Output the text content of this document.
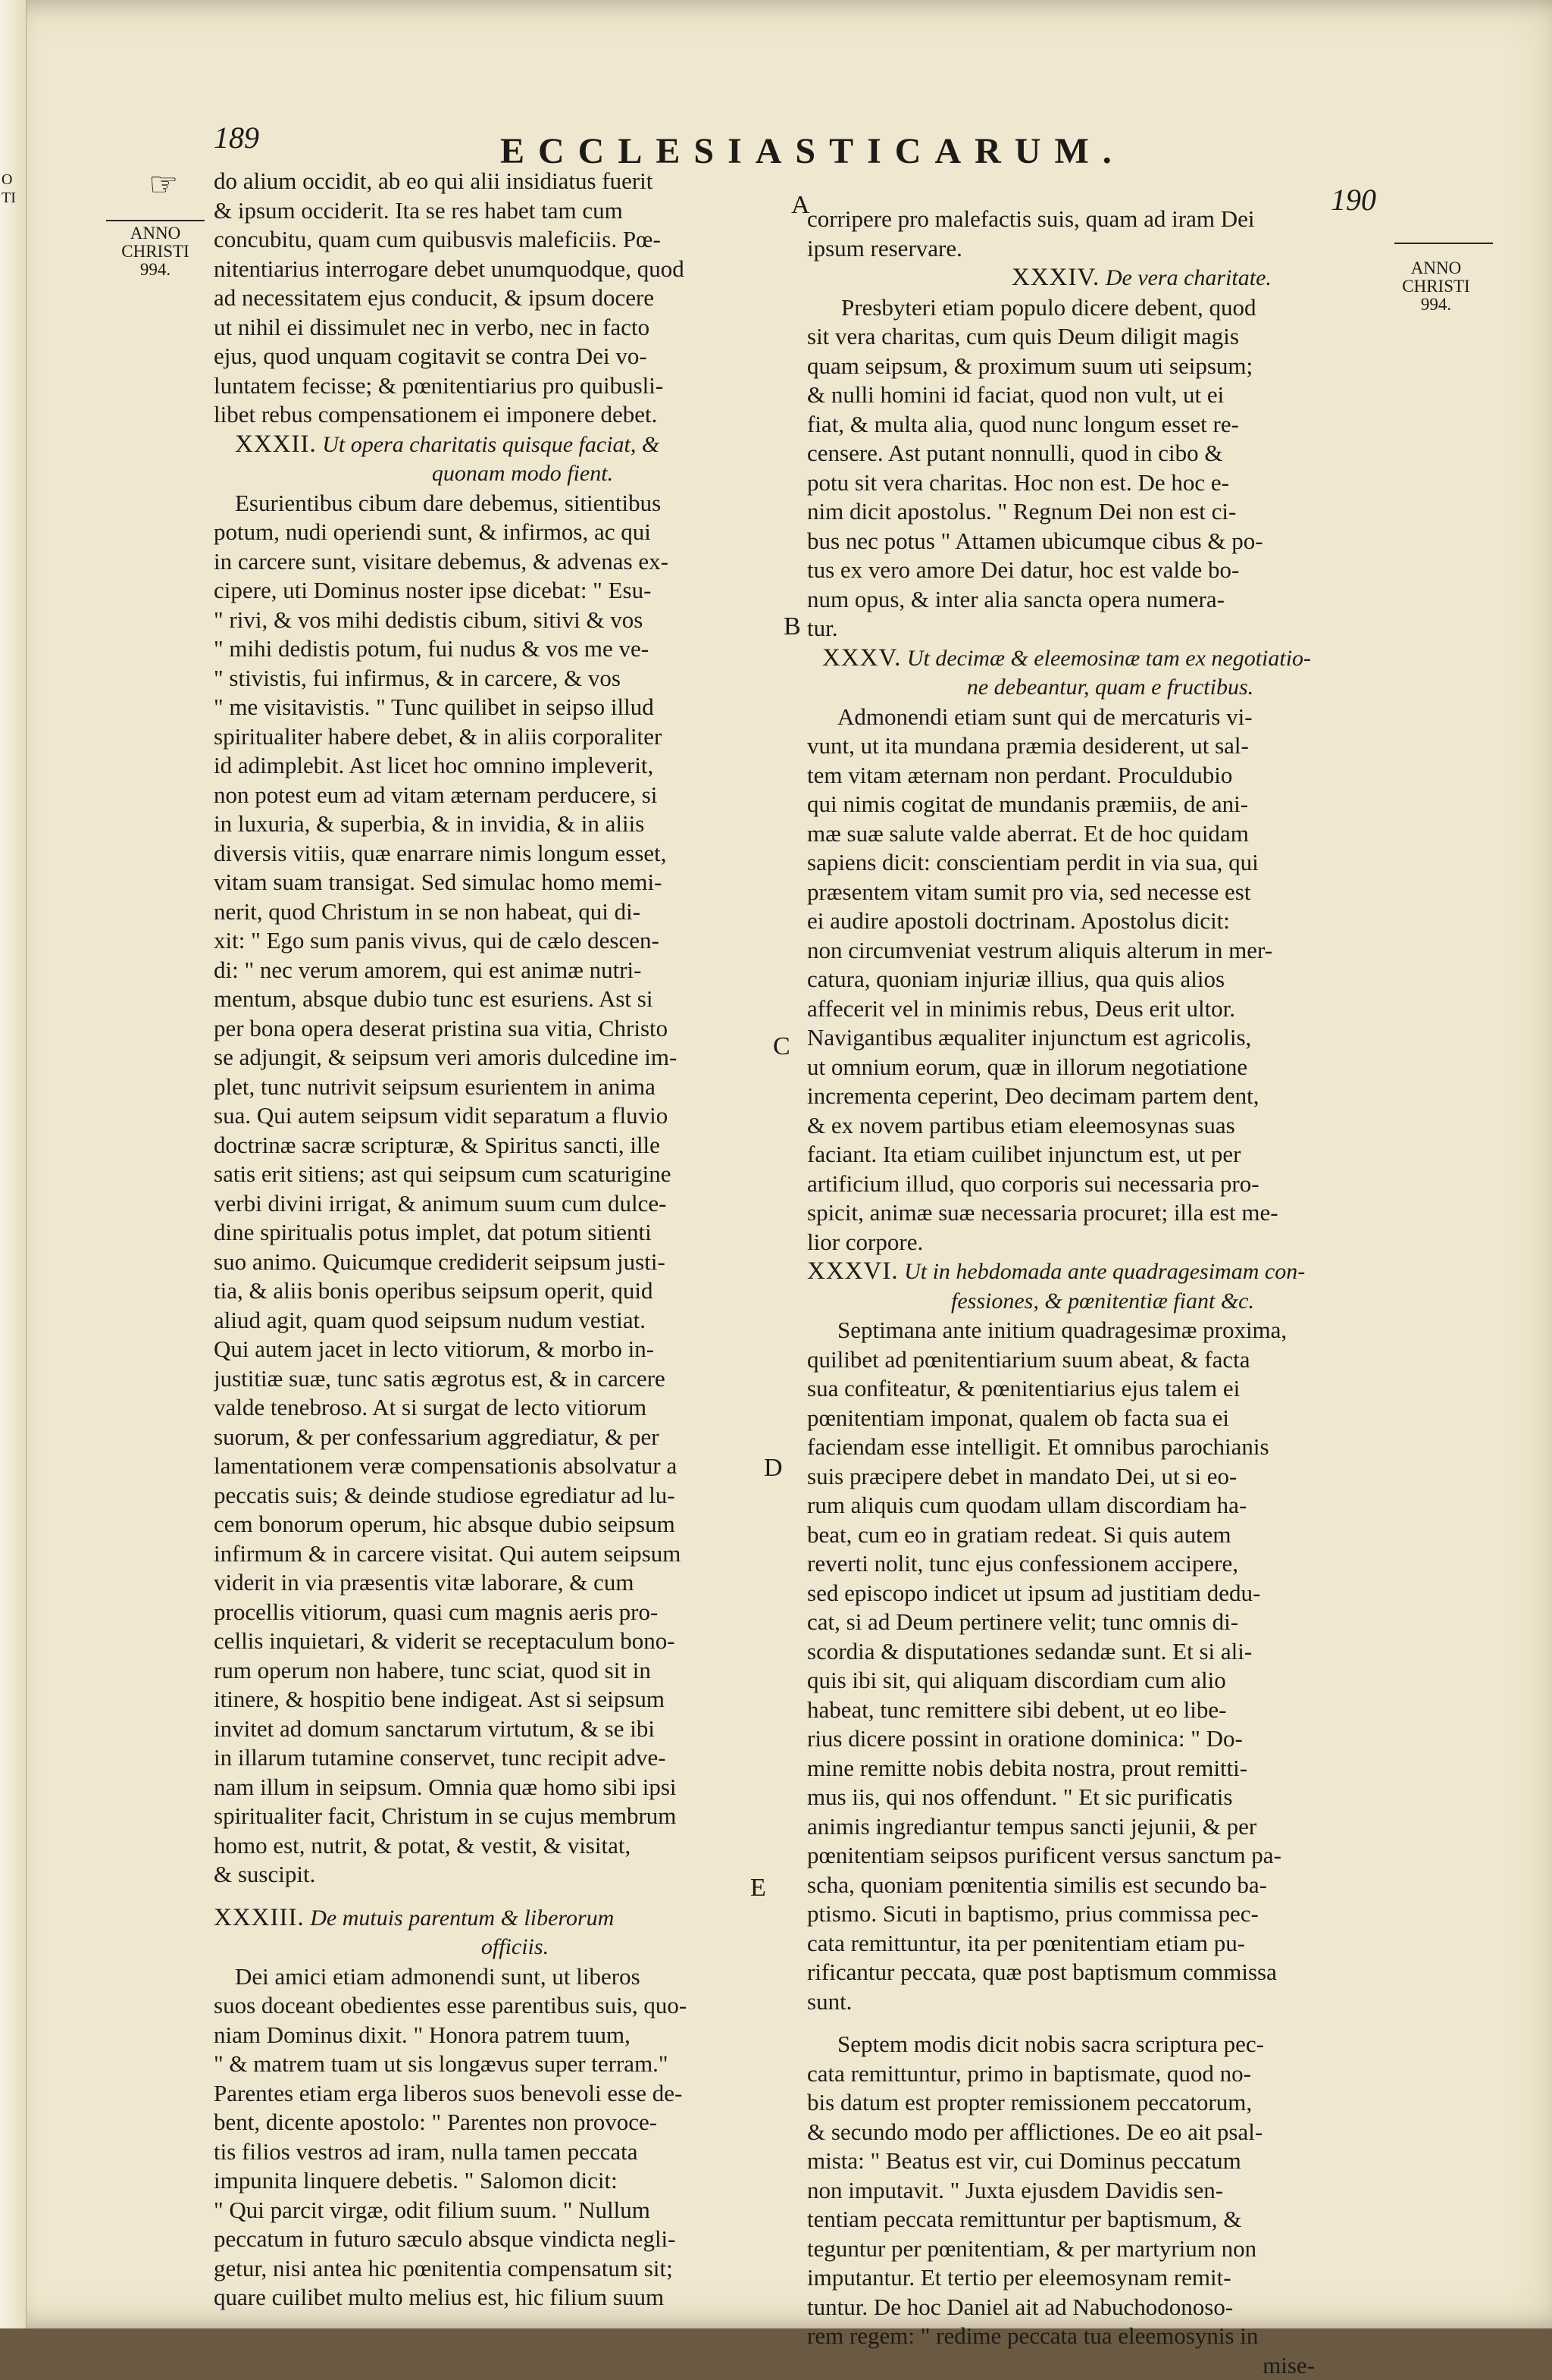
O
TI
189	ECCLESIASTICARUM.
190
☞
ANNO
CHRISTI
994.	ANNO
CHRISTI
994.
A
B
C
D
E
do alium occidit, ab eo qui alii insidiatus fuerit
& ipsum occiderit. Ita se res habet tam cum
concubitu, quam cum quibusvis maleficiis. Pœ-
nitentiarius interrogare debet unumquodque, quod
ad necessitatem ejus conducit, & ipsum docere
ut nihil ei dissimulet nec in verbo, nec in facto
ejus, quod unquam cogitavit se contra Dei vo-
luntatem fecisse; & pœnitentiarius pro quibusli-
libet rebus compensationem ei imponere debet.
XXXII. Ut opera charitatis quisque faciat, &
quonam modo fient.
Esurientibus cibum dare debemus, sitientibus
potum, nudi operiendi sunt, & infirmos, ac qui
in carcere sunt, visitare debemus, & advenas ex-
cipere, uti Dominus noster ipse dicebat: " Esu-
" rivi, & vos mihi dedistis cibum, sitivi & vos
" mihi dedistis potum, fui nudus & vos me ve-
" stivistis, fui infirmus, & in carcere, & vos
" me visitavistis. " Tunc quilibet in seipso illud
spiritualiter habere debet, & in aliis corporaliter
id adimplebit. Ast licet hoc omnino impleverit,
non potest eum ad vitam æternam perducere, si
in luxuria, & superbia, & in invidia, & in aliis
diversis vitiis, quæ enarrare nimis longum esset,
vitam suam transigat. Sed simulac homo memi-
nerit, quod Christum in se non habeat, qui di-
xit: " Ego sum panis vivus, qui de cælo descen-
di: " nec verum amorem, qui est animæ nutri-
mentum, absque dubio tunc est esuriens. Ast si
per bona opera deserat pristina sua vitia, Christo
se adjungit, & seipsum veri amoris dulcedine im-
plet, tunc nutrivit seipsum esurientem in anima
sua. Qui autem seipsum vidit separatum a fluvio
doctrinæ sacræ scripturæ, & Spiritus sancti, ille
satis erit sitiens; ast qui seipsum cum scaturigine
verbi divini irrigat, & animum suum cum dulce-
dine spiritualis potus implet, dat potum sitienti
suo animo. Quicumque crediderit seipsum justi-
tia, & aliis bonis operibus seipsum operit, quid
aliud agit, quam quod seipsum nudum vestiat.
Qui autem jacet in lecto vitiorum, & morbo in-
justitiæ suæ, tunc satis ægrotus est, & in carcere
valde tenebroso. At si surgat de lecto vitiorum
suorum, & per confessarium aggrediatur, & per
lamentationem veræ compensationis absolvatur a
peccatis suis; & deinde studiose egrediatur ad lu-
cem bonorum operum, hic absque dubio seipsum
infirmum & in carcere visitat. Qui autem seipsum
viderit in via præsentis vitæ laborare, & cum
procellis vitiorum, quasi cum magnis aeris pro-
cellis inquietari, & viderit se receptaculum bono-
rum operum non habere, tunc sciat, quod sit in
itinere, & hospitio bene indigeat. Ast si seipsum
invitet ad domum sanctarum virtutum, & se ibi
in illarum tutamine conservet, tunc recipit adve-
nam illum in seipsum. Omnia quæ homo sibi ipsi
spiritualiter facit, Christum in se cujus membrum
homo est, nutrit, & potat, & vestit, & visitat,
& suscipit.
XXXIII. De mutuis parentum & liberorum
officiis.
Dei amici etiam admonendi sunt, ut liberos
suos doceant obedientes esse parentibus suis, quo-
niam Dominus dixit. " Honora patrem tuum,
" & matrem tuam ut sis longævus super terram."
Parentes etiam erga liberos suos benevoli esse de-
bent, dicente apostolo: " Parentes non provoce-
tis filios vestros ad iram, nulla tamen peccata
impunita linquere debetis. " Salomon dicit:
" Qui parcit virgæ, odit filium suum. " Nullum
peccatum in futuro sæculo absque vindicta negli-
getur, nisi antea hic pœnitentia compensatum sit;
quare cuilibet multo melius est, hic filium suum
corripere pro malefactis suis, quam ad iram Dei
ipsum reservare.
XXXIV. De vera charitate.
Presbyteri etiam populo dicere debent, quod
sit vera charitas, cum quis Deum diligit magis
quam seipsum, & proximum suum uti seipsum;
& nulli homini id faciat, quod non vult, ut ei
fiat, & multa alia, quod nunc longum esset re-
censere. Ast putant nonnulli, quod in cibo &
potu sit vera charitas. Hoc non est. De hoc e-
nim dicit apostolus. " Regnum Dei non est ci-
bus nec potus " Attamen ubicumque cibus & po-
tus ex vero amore Dei datur, hoc est valde bo-
num opus, & inter alia sancta opera numera-
tur.
XXXV. Ut decimæ & eleemosinæ tam ex negotiatio-
ne debeantur, quam e fructibus.
Admonendi etiam sunt qui de mercaturis vi-
vunt, ut ita mundana præmia desiderent, ut sal-
tem vitam æternam non perdant. Proculdubio
qui nimis cogitat de mundanis præmiis, de ani-
mæ suæ salute valde aberrat. Et de hoc quidam
sapiens dicit: conscientiam perdit in via sua, qui
præsentem vitam sumit pro via, sed necesse est
ei audire apostoli doctrinam. Apostolus dicit:
non circumveniat vestrum aliquis alterum in mer-
catura, quoniam injuriæ illius, qua quis alios
affecerit vel in minimis rebus, Deus erit ultor.
Navigantibus æqualiter injunctum est agricolis,
ut omnium eorum, quæ in illorum negotiatione
incrementa ceperint, Deo decimam partem dent,
& ex novem partibus etiam eleemosynas suas
faciant. Ita etiam cuilibet injunctum est, ut per
artificium illud, quo corporis sui necessaria pro-
spicit, animæ suæ necessaria procuret; illa est me-
lior corpore.
XXXVI. Ut in hebdomada ante quadragesimam con-
fessiones, & pœnitentiæ fiant &c.
Septimana ante initium quadragesimæ proxima,
quilibet ad pœnitentiarium suum abeat, & facta
sua confiteatur, & pœnitentiarius ejus talem ei
pœnitentiam imponat, qualem ob facta sua ei
faciendam esse intelligit. Et omnibus parochianis
suis præcipere debet in mandato Dei, ut si eo-
rum aliquis cum quodam ullam discordiam ha-
beat, cum eo in gratiam redeat. Si quis autem
reverti nolit, tunc ejus confessionem accipere,
sed episcopo indicet ut ipsum ad justitiam dedu-
cat, si ad Deum pertinere velit; tunc omnis di-
scordia & disputationes sedandæ sunt. Et si ali-
quis ibi sit, qui aliquam discordiam cum alio
habeat, tunc remittere sibi debent, ut eo libe-
rius dicere possint in oratione dominica: " Do-
mine remitte nobis debita nostra, prout remitti-
mus iis, qui nos offendunt. " Et sic purificatis
animis ingrediantur tempus sancti jejunii, & per
pœnitentiam seipsos purificent versus sanctum pa-
scha, quoniam pœnitentia similis est secundo ba-
ptismo. Sicuti in baptismo, prius commissa pec-
cata remittuntur, ita per pœnitentiam etiam pu-
rificantur peccata, quæ post baptismum commissa
sunt.
Septem modis dicit nobis sacra scriptura pec-
cata remittuntur, primo in baptismate, quod no-
bis datum est propter remissionem peccatorum,
& secundo modo per afflictiones. De eo ait psal-
mista: " Beatus est vir, cui Dominus peccatum
non imputavit. " Juxta ejusdem Davidis sen-
tentiam peccata remittuntur per baptismum, &
teguntur per pœnitentiam, & per martyrium non
imputantur. Et tertio per eleemosynam remit-
tuntur. De hoc Daniel ait ad Nabuchodonoso-
rem regem: " redime peccata tua eleemosynis in
mise-
